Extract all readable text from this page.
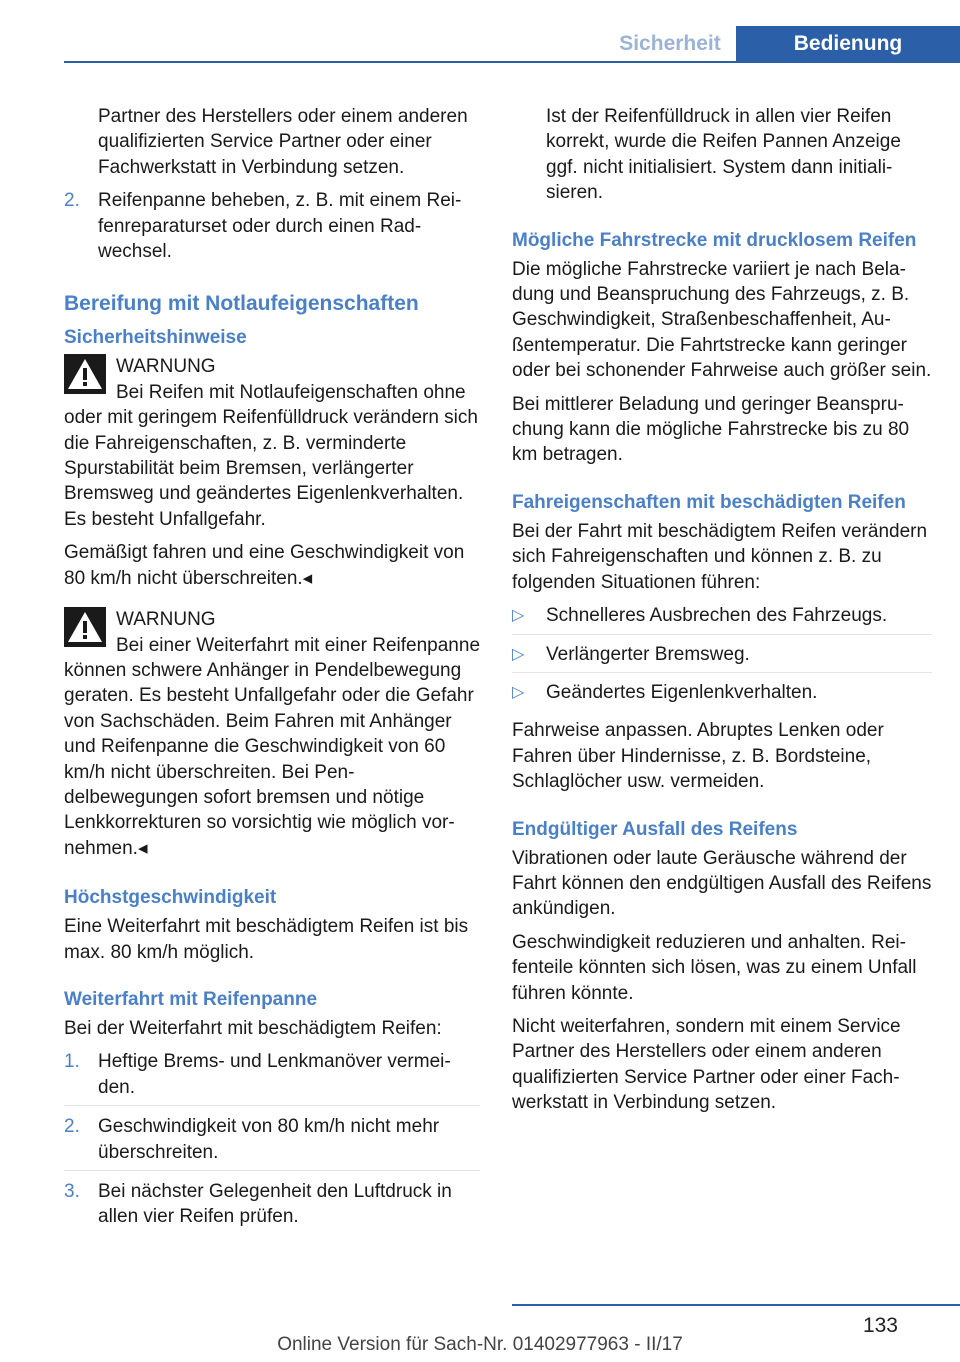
Sicherheit	Bedienung

Partner des Herstellers oder einem anderen qualifizierten Service Partner oder einer Fachwerkstatt in Verbindung setzen.

2. Reifenpanne beheben, z. B. mit einem Reifenreparaturset oder durch einen Radwechsel.
Bereifung mit Notlaufeigenschaften
Sicherheitshinweise
WARNUNG

Bei Reifen mit Notlaufeigenschaften ohne oder mit geringem Reifenfülldruck verändern sich die Fahreigenschaften, z. B. verminderte Spurstabilität beim Bremsen, verlängerter Bremsweg und geändertes Eigenlenkverhalten. Es besteht Unfallgefahr.

Gemäßigt fahren und eine Geschwindigkeit von 80 km/h nicht überschreiten.◂

WARNUNG

Bei einer Weiterfahrt mit einer Reifenpanne können schwere Anhänger in Pendelbewegung geraten. Es besteht Unfallgefahr oder die Gefahr von Sachschäden. Beim Fahren mit Anhänger und Reifenpanne die Geschwindigkeit von 60 km/h nicht überschreiten. Bei Pendelbewegungen sofort bremsen und nötige Lenkkorrekturen so vorsichtig wie möglich vornehmen.◂

Höchstgeschwindigkeit

Eine Weiterfahrt mit beschädigtem Reifen ist bis max. 80 km/h möglich.

Weiterfahrt mit Reifenpanne

Bei der Weiterfahrt mit beschädigtem Reifen:

1. Heftige Brems- und Lenkmanöver vermeiden.
2. Geschwindigkeit von 80 km/h nicht mehr überschreiten.
3. Bei nächster Gelegenheit den Luftdruck in allen vier Reifen prüfen.

Ist der Reifenfülldruck in allen vier Reifen korrekt, wurde die Reifen Pannen Anzeige ggf. nicht initialisiert. System dann initialisieren.

Mögliche Fahrstrecke mit drucklosem Reifen

Die mögliche Fahrstrecke variiert je nach Beladung und Beanspruchung des Fahrzeugs, z. B. Geschwindigkeit, Straßenbeschaffenheit, Außentemperatur. Die Fahrtstrecke kann geringer oder bei schonender Fahrweise auch größer sein.

Bei mittlerer Beladung und geringer Beanspruchung kann die mögliche Fahrstrecke bis zu 80 km betragen.

Fahreigenschaften mit beschädigten Reifen

Bei der Fahrt mit beschädigtem Reifen verändern sich Fahreigenschaften und können z. B. zu folgenden Situationen führen:

▷ Schnelleres Ausbrechen des Fahrzeugs.
▷ Verlängerter Bremsweg.
▷ Geändertes Eigenlenkverhalten.

Fahrweise anpassen. Abruptes Lenken oder Fahren über Hindernisse, z. B. Bordsteine, Schlaglöcher usw. vermeiden.

Endgültiger Ausfall des Reifens

Vibrationen oder laute Geräusche während der Fahrt können den endgültigen Ausfall des Reifens ankündigen.

Geschwindigkeit reduzieren und anhalten. Reifenteile könnten sich lösen, was zu einem Unfall führen könnte.

Nicht weiterfahren, sondern mit einem Service Partner des Herstellers oder einem anderen qualifizierten Service Partner oder einer Fachwerkstatt in Verbindung setzen.

133
Online Version für Sach-Nr. 01402977963 - II/17
